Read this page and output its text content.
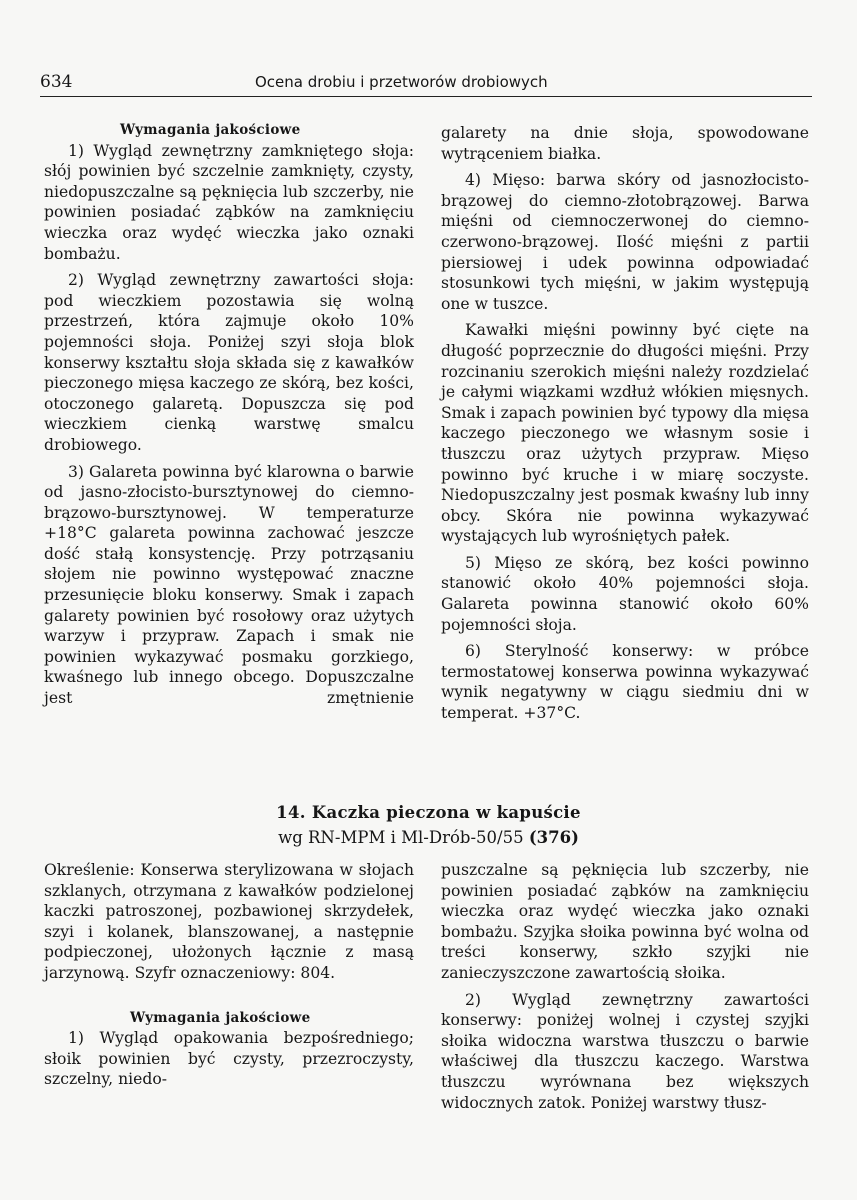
634	Ocena drobiu i przetworów drobiowych

Wymagania jakościowe

1) Wygląd zewnętrzny zamkniętego słoja: słój powinien być szczelnie zamknięty, czysty, niedopuszczalne są pęknięcia lub szczerby, nie powinien posiadać ząbków na zamknięciu wieczka oraz wydęć wieczka jako oznaki bombażu.

2) Wygląd zewnętrzny zawartości słoja: pod wieczkiem pozostawia się wolną przestrzeń, która zajmuje około 10% pojemności słoja. Poniżej szyi słoja blok konserwy kształtu słoja składa się z kawałków pieczonego mięsa kaczego ze skórą, bez kości, otoczonego galaretą. Dopuszcza się pod wieczkiem cienką warstwę smalcu drobiowego.

3) Galareta powinna być klarowna o barwie od jasno-złocisto-bursztynowej do ciemno-brązowo-bursztynowej. W temperaturze +18°C galareta powinna zachować jeszcze dość stałą konsystencję. Przy potrząsaniu słojem nie powinno występować znaczne przesunięcie bloku konserwy. Smak i zapach galarety powinien być rosołowy oraz użytych warzyw i przypraw. Zapach i smak nie powinien wykazywać posmaku gorzkiego, kwaśnego lub innego obcego. Dopuszczalne jest zmętnienie

galarety na dnie słoja, spowodowane wytrąceniem białka.

4) Mięso: barwa skóry od jasnozłocisto-brązowej do ciemno-złotobrązowej. Barwa mięśni od ciemnoczerwonej do ciemno-czerwono-brązowej. Ilość mięśni z partii piersiowej i udek powinna odpowiadać stosunkowi tych mięśni, w jakim występują one w tuszce.

Kawałki mięśni powinny być cięte na długość poprzecznie do długości mięśni. Przy rozcinaniu szerokich mięśni należy rozdzielać je całymi wiązkami wzdłuż włókien mięsnych. Smak i zapach powinien być typowy dla mięsa kaczego pieczonego we własnym sosie i tłuszczu oraz użytych przypraw. Mięso powinno być kruche i w miarę soczyste. Niedopuszczalny jest posmak kwaśny lub inny obcy. Skóra nie powinna wykazywać wystających lub wyrośniętych pałek.

5) Mięso ze skórą, bez kości powinno stanowić około 40% pojemności słoja. Galareta powinna stanowić około 60% pojemności słoja.

6) Sterylność konserwy: w próbce termostatowej konserwa powinna wykazywać wynik negatywny w ciągu siedmiu dni w temperat. +37°C.

14. Kaczka pieczona w kapuście
wg RN-MPM i Ml-Drób-50/55 (376)

Określenie: Konserwa sterylizowana w słojach szklanych, otrzymana z kawałków podzielonej kaczki patroszonej, pozbawionej skrzydełek, szyi i kolanek, blanszowanej, a następnie podpieczonej, ułożonych łącznie z masą jarzynową. Szyfr oznaczeniowy: 804.

Wymagania jakościowe

1) Wygląd opakowania bezpośredniego; słoik powinien być czysty, przezroczysty, szczelny, niedo-

puszczalne są pęknięcia lub szczerby, nie powinien posiadać ząbków na zamknięciu wieczka oraz wydęć wieczka jako oznaki bombażu. Szyjka słoika powinna być wolna od treści konserwy, szkło szyjki nie zanieczyszczone zawartością słoika.

2) Wygląd zewnętrzny zawartości konserwy: poniżej wolnej i czystej szyjki słoika widoczna warstwa tłuszczu o barwie właściwej dla tłuszczu kaczego. Warstwa tłuszczu wyrównana bez większych widocznych zatok. Poniżej warstwy tłusz-
